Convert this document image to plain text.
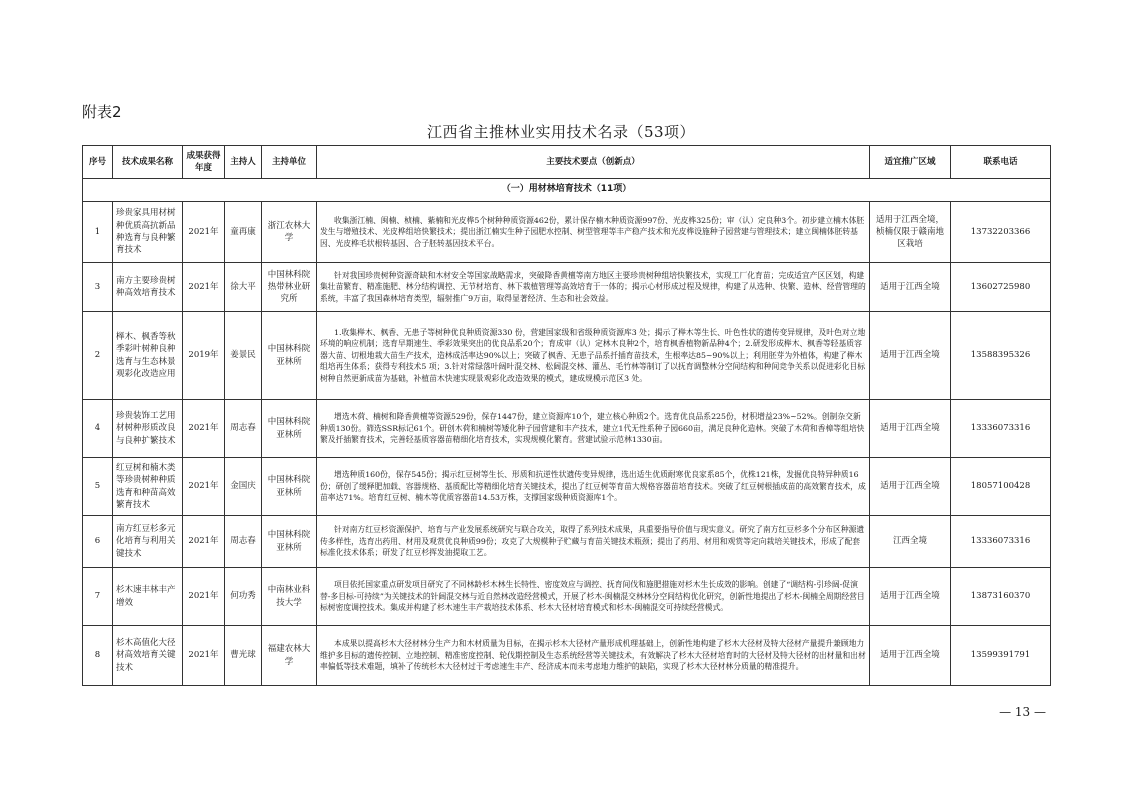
附表2
江西省主推林业实用技术名录（53项）
序号	技术成果名称	成果获得年度	主持人	主持单位	主要技术要点（创新点）	适宜推广区域	联系电话
（一）用材林培育技术（11项）							
1	珍贵家具用材树种优质高抗新品种选育与良种繁育技术	2021年	童再康	浙江农林大学	收集浙江楠、闽楠、桢楠、紫楠和光皮桦5个树种种质资源462份，累计保存楠木种质资源997份、光皮桦325份；审（认）定良种3个。初步建立楠木体胚发生与增殖技术、光皮桦组培快繁技术；提出浙江楠实生种子园肥水控制、树型管理等丰产稳产技术和光皮桦设施种子园营建与管理技术；建立闽楠体胚转基因、光皮桦毛状根转基因、合子胚转基因技术平台。	适用于江西全境，桢楠仅限于赣南地区栽培	13732203366
3	南方主要珍贵树种高效培育技术	2021年	徐大平	中国林科院热带林业研究所	针对我国珍贵树种资源奇缺和木材安全等国家战略需求，突破降香黄檀等南方地区主要珍贵树种组培快繁技术，实现工厂化育苗；完成适宜产区区划，构建集壮苗繁育、精准施肥、林分结构调控、无节材培育、林下栽植管理等高效培育于一体的；揭示心材形成过程及规律，构建了从选种、快繁、造林、经营管理的系统，丰富了我国森林培育类型，辐射推广9万亩，取得显著经济、生态和社会效益。	适用于江西全境	13602725980
2	榉木、枫香等秋季彩叶树种良种选育与生态林景观彩化改造应用	2019年	姜景民	中国林科院亚林所	1.收集榉木、枫香、无患子等树种优良种质资源330 份，营建国家级和省级种质资源库3 处；揭示了榉木等生长、叶色性状的遗传变异规律，及叶色对立地环境的响应机制；选育早期速生、季彩效果突出的优良品系20个；育成审（认）定林木良种2个，培育枫香植物新品种4个；2.研发形成榉木、枫香等轻基质容器大苗、切根地栽大苗生产技术，造林成活率达90%以上；突破了枫香、无患子品系扦插育苗技术，生根率达85~90%以上；利用胚芽为外植体，构建了榉木组培再生体系；获得专利技术5 项；3.针对常绿落叶阔叶混交林、松阔混交林、灌丛、毛竹林等制订了以抚育调整林分空间结构和种间竞争关系以促进彩化目标树种自然更新成苗为基础，补植苗木快速实现景观彩化改造效果的模式，建成规模示范区3 处。	适用于江西全境	13588395326
4	珍贵装饰工艺用材树种形质改良与良种扩繁技术	2021年	周志春	中国林科院亚林所	增选木荷、楠树和降香黄檀等资源529份，保存1447份，建立资源库10个，建立核心种质2个。选育优良品系225份，材积增益23%~52%。创制杂交新种质130份。筛选SSR标记61个。研创木荷和楠树等矮化种子园营建和丰产技术，建立1代无性系种子园660亩，满足良种化造林。突破了木荷和香樟等组培快繁及扦插繁育技术，完善轻基质容器苗精细化培育技术，实现规模化繁育。营建试验示范林1330亩。	适用于江西全境	13336073316
5	红豆树和楠木类等珍贵树种种质选育和种苗高效繁育技术	2021年	金国庆	中国林科院亚林所	增选种质160份，保存545份；揭示红豆树等生长、形质和抗逆性状遗传变异规律，选出适生优质耐寒优良家系85个，优株121株，发掘优良特异种质16份；研创了缓释肥加载、容器规格、基质配比等精细化培育关键技术，提出了红豆树等育苗大规格容器苗培育技术。突破了红豆树根插成苗的高效繁育技术，成苗率达71%。培育红豆树、楠木等优质容器苗14.53万株，支撑国家级种质资源库1个。	适用于江西全境	18057100428
6	南方红豆杉多元化培育与利用关键技术	2021年	周志春	中国林科院亚林所	针对南方红豆杉资源保护、培育与产业发展系统研究与联合攻关，取得了系列技术成果，具重要指导价值与现实意义。研究了南方红豆杉多个分布区种源遗传多样性，选育出药用、材用及观赏优良种质99份；攻克了大规模种子贮藏与育苗关键技术瓶颈；提出了药用、材用和观赏等定向栽培关键技术，形成了配套标准化技术体系；研发了红豆杉挥发油提取工艺。	江西全境	13336073316
7	杉木速丰林丰产增效	2021年	何功秀	中南林业科技大学	项目依托国家重点研发项目研究了不同林龄杉木林生长特性、密度效应与调控、抚育间伐和施肥措施对杉木生长成效的影响。创建了“调结构-引珍阔-促演替-多目标-可持续”为关键技术的针阔混交林与近自然林改造经营模式，开展了杉木-闽楠混交林林分空间结构优化研究，创新性地提出了杉木-闽楠全周期经营目标树密度调控技术。集成并构建了杉木速生丰产栽培技术体系、杉木大径材培育模式和杉木-闽楠混交可持续经营模式。	适用于江西全境	13873160370
8	杉木高值化大径材高效培育关键技术	2021年	曹光球	福建农林大学	本成果以提高杉木大径材林分生产力和木材质量为目标，在揭示杉木大径材产量形成机理基础上，创新性地构建了杉木大径材及特大径材产量提升兼顾地力维护多目标的遗传控制、立地控制、精准密度控制、轮伐期控制及生态系统经营等关键技术，有效解决了杉木大径材培育时的大径材及特大径材的出材量和出材率偏低等技术难题，填补了传统杉木大径材过于考虑速生丰产、经济成本而未考虑地力维护的缺陷，实现了杉木大径材林分质量的精准提升。	适用于江西全境	13599391791
— 13 —
